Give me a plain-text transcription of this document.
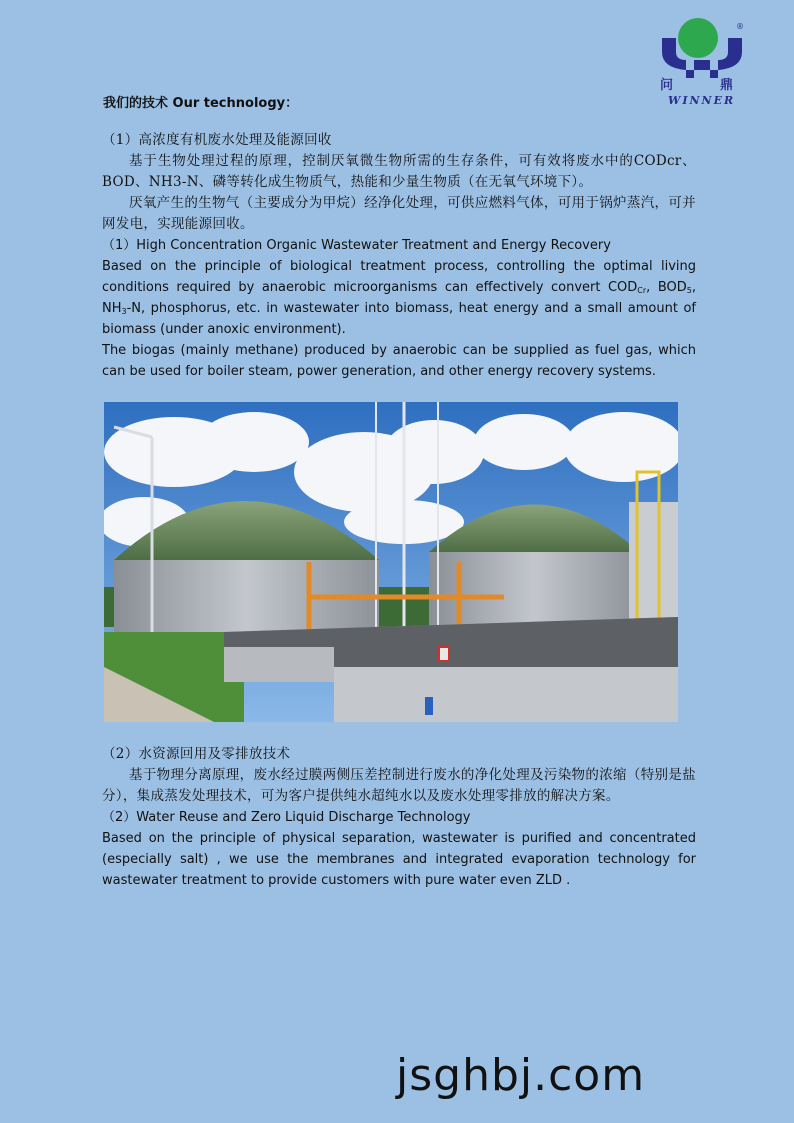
®
问	鼎
WINNER
我们的技术 Our technology：

（1）高浓度有机废水处理及能源回收

基于生物处理过程的原理，控制厌氧微生物所需的生存条件，可有效将废水中的CODcr、BOD、NH3-N、磷等转化成生物质气，热能和少量生物质（在无氧气环境下）。

厌氧产生的生物气（主要成分为甲烷）经净化处理，可供应燃料气体，可用于锅炉蒸汽，可并网发电，实现能源回收。

（1）High Concentration Organic Wastewater Treatment and Energy Recovery

Based on the principle of biological treatment process, controlling the optimal living conditions required by anaerobic microorganisms can effectively convert $COD_{Cr}$, $BOD_5$, $NH_3-N$, phosphorus, etc. in wastewater into biomass, heat energy and a small amount of biomass (under anoxic environment).

The biogas (mainly methane) produced by anaerobic can be supplied as fuel gas, which can be used for boiler steam, power generation, and other energy recovery systems.

（2）水资源回用及零排放技术

基于物理分离原理，废水经过膜两侧压差控制进行废水的净化处理及污染物的浓缩（特别是盐分），集成蒸发处理技术，可为客户提供纯水超纯水以及废水处理零排放的解决方案。

（2）Water Reuse and Zero Liquid Discharge Technology

Based on the principle of physical separation, wastewater is purified and concentrated (especially salt) , we use the membranes and integrated evaporation technology for wastewater treatment to provide customers with pure water even ZLD .

jsghbj.com
